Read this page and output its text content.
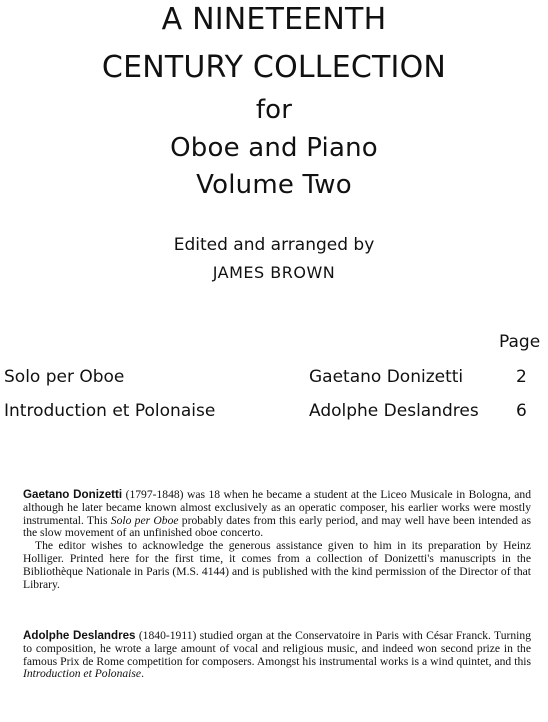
A NINETEENTH
CENTURY COLLECTION
for
Oboe and Piano
Volume Two
Edited and arranged by
JAMES BROWN
Page
Solo per Oboe	Gaetano Donizetti	2
Introduction et Polonaise	Adolphe Deslandres 6

Gaetano Donizetti (1797-1848) was 18 when he became a student at the Liceo Musicale in Bologna, and although he later became known almost exclusively as an operatic composer, his earlier works were mostly instrumental. This Solo per Oboe probably dates from this early period, and may well have been intended as the slow movement of an unfinished oboe concerto.

The editor wishes to acknowledge the generous assistance given to him in its preparation by Heinz Holliger. Printed here for the first time, it comes from a collection of Donizetti's manuscripts in the Bibliothèque Nationale in Paris (M.S. 4144) and is published with the kind permission of the Director of that Library.

Adolphe Deslandres (1840-1911) studied organ at the Conservatoire in Paris with César Franck. Turning to composition, he wrote a large amount of vocal and religious music, and indeed won second prize in the famous Prix de Rome competition for composers. Amongst his instrumental works is a wind quintet, and this Introduction et Polonaise.
